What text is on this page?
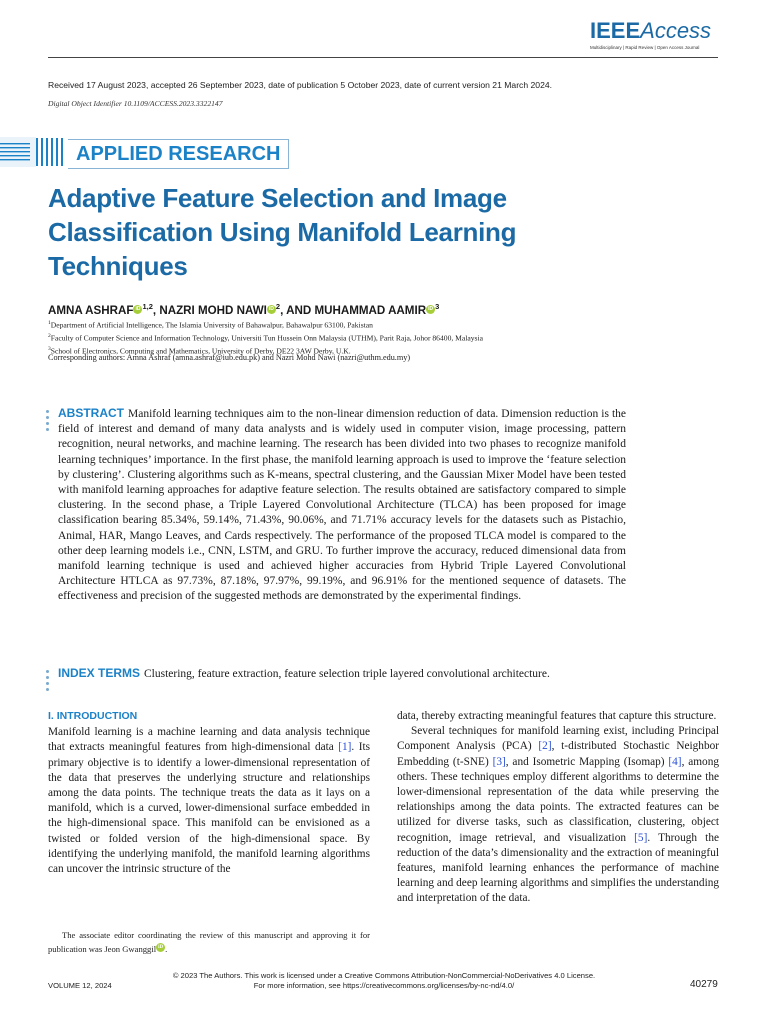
IEEEAccess
Multidisciplinary | Rapid Review | Open Access Journal
Received 17 August 2023, accepted 26 September 2023, date of publication 5 October 2023, date of current version 21 March 2024.
Digital Object Identifier 10.1109/ACCESS.2023.3322147
APPLIED RESEARCH
Adaptive Feature Selection and Image Classification Using Manifold Learning Techniques
AMNA ASHRAF iD $^{1,2}$, NAZRI MOHD NAWI iD $^2$, AND MUHAMMAD AAMIR iD $^3$
$^1$Department of Artificial Intelligence, The Islamia University of Bahawalpur, Bahawalpur 63100, Pakistan
$^2$Faculty of Computer Science and Information Technology, Universiti Tun Hussein Onn Malaysia (UTHM), Parit Raja, Johor 86400, Malaysia
$^3$School of Electronics, Computing and Mathematics, University of Derby, DE22 3AW Derby, U.K.
Corresponding authors: Amna Ashraf (amna.ashraf@iub.edu.pk) and Nazri Mohd Nawi (nazri@uthm.edu.my)
ABSTRACT Manifold learning techniques aim to the non-linear dimension reduction of data. Dimension reduction is the field of interest and demand of many data analysts and is widely used in computer vision, image processing, pattern recognition, neural networks, and machine learning. The research has been divided into two phases to recognize manifold learning techniques’ importance. In the first phase, the manifold learning approach is used to improve the ‘feature selection by clustering’. Clustering algorithms such as K-means, spectral clustering, and the Gaussian Mixer Model have been tested with manifold learning approaches for adaptive feature selection. The results obtained are satisfactory compared to simple clustering. In the second phase, a Triple Layered Convolutional Architecture (TLCA) has been proposed for image classification bearing 85.34%, 59.14%, 71.43%, 90.06%, and 71.71% accuracy levels for the datasets such as Pistachio, Animal, HAR, Mango Leaves, and Cards respectively. The performance of the proposed TLCA model is compared to the other deep learning models i.e., CNN, LSTM, and GRU. To further improve the accuracy, reduced dimensional data from manifold learning technique is used and achieved higher accuracies from Hybrid Triple Layered Convolutional Architecture HTLCA as 97.73%, 87.18%, 97.97%, 99.19%, and 96.91% for the mentioned sequence of datasets. The effectiveness and precision of the suggested methods are demonstrated by the experimental findings.
INDEX TERMS Clustering, feature extraction, feature selection triple layered convolutional architecture.
I. INTRODUCTION
Manifold learning is a machine learning and data analysis technique that extracts meaningful features from high-dimensional data [1]. Its primary objective is to identify a lower-dimensional representation of the data that preserves the underlying structure and relationships among the data points. The technique treats the data as it lays on a manifold, which is a curved, lower-dimensional surface embedded in the high-dimensional space. This manifold can be envisioned as a twisted or folded version of the high-dimensional space. By identifying the underlying manifold, the manifold learning algorithms can uncover the intrinsic structure of the
data, thereby extracting meaningful features that capture this structure.
Several techniques for manifold learning exist, including Principal Component Analysis (PCA) [2], t-distributed Stochastic Neighbor Embedding (t-SNE) [3], and Isometric Mapping (Isomap) [4], among others. These techniques employ different algorithms to determine the lower-dimensional representation of the data while preserving the relationships among the data points. The extracted features can be utilized for diverse tasks, such as classification, clustering, object recognition, image retrieval, and visualization [5]. Through the reduction of the data’s dimensionality and the extraction of meaningful features, manifold learning enhances the performance of machine learning and deep learning algorithms and simplifies the understanding and interpretation of the data.
The associate editor coordinating the review of this manuscript and approving it for publication was Jeon Gwanggil iD .
© 2023 The Authors. This work is licensed under a Creative Commons Attribution-NonCommercial-NoDerivatives 4.0 License.
For more information, see https://creativecommons.org/licenses/by-nc-nd/4.0/
VOLUME 12, 2024	40279
